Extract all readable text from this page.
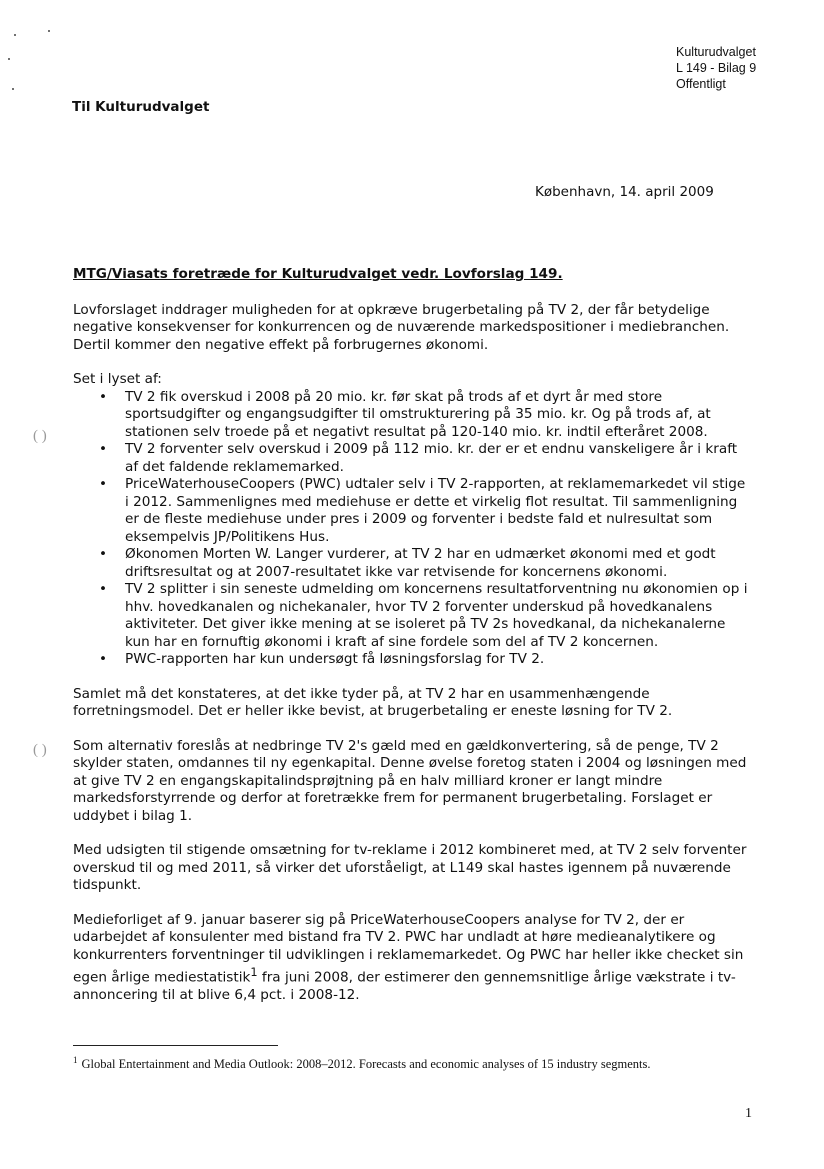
( )
( )
Kulturudvalget
L 149 - Bilag 9
Offentligt
Til Kulturudvalget
København, 14. april 2009

MTG/Viasats foretræde for Kulturudvalget vedr. Lovforslag 149.

Lovforslaget inddrager muligheden for at opkræve brugerbetaling på TV 2, der får betydelige negative konsekvenser for konkurrencen og de nuværende markedspositioner i mediebranchen. Dertil kommer den negative effekt på forbrugernes økonomi.

Set i lyset af:

• TV 2 fik overskud i 2008 på 20 mio. kr. før skat på trods af et dyrt år med store sportsudgifter og engangsudgifter til omstrukturering på 35 mio. kr. Og på trods af, at stationen selv troede på et negativt resultat på 120-140 mio. kr. indtil efteråret 2008.
• TV 2 forventer selv overskud i 2009 på 112 mio. kr. der er et endnu vanskeligere år i kraft af det faldende reklamemarked.
• PriceWaterhouseCoopers (PWC) udtaler selv i TV 2-rapporten, at reklamemarkedet vil stige i 2012. Sammenlignes med mediehuse er dette et virkelig flot resultat. Til sammenligning er de fleste mediehuse under pres i 2009 og forventer i bedste fald et nulresultat som eksempelvis JP/Politikens Hus.
• Økonomen Morten W. Langer vurderer, at TV 2 har en udmærket økonomi med et godt driftsresultat og at 2007-resultatet ikke var retvisende for koncernens økonomi.
• TV 2 splitter i sin seneste udmelding om koncernens resultatforventning nu økonomien op i hhv. hovedkanalen og nichekanaler, hvor TV 2 forventer underskud på hovedkanalens aktiviteter. Det giver ikke mening at se isoleret på TV 2s hovedkanal, da nichekanalerne kun har en fornuftig økonomi i kraft af sine fordele som del af TV 2 koncernen.
• PWC-rapporten har kun undersøgt få løsningsforslag for TV 2.

Samlet må det konstateres, at det ikke tyder på, at TV 2 har en usammenhængende forretningsmodel. Det er heller ikke bevist, at brugerbetaling er eneste løsning for TV 2.

Som alternativ foreslås at nedbringe TV 2's gæld med en gældkonvertering, så de penge, TV 2 skylder staten, omdannes til ny egenkapital. Denne øvelse foretog staten i 2004 og løsningen med at give TV 2 en engangskapitalindsprøjtning på en halv milliard kroner er langt mindre markedsforstyrrende og derfor at foretrække frem for permanent brugerbetaling. Forslaget er uddybet i bilag 1.

Med udsigten til stigende omsætning for tv-reklame i 2012 kombineret med, at TV 2 selv forventer overskud til og med 2011, så virker det uforståeligt, at L149 skal hastes igennem på nuværende tidspunkt.

Medieforliget af 9. januar baserer sig på PriceWaterhouseCoopers analyse for TV 2, der er udarbejdet af konsulenter med bistand fra TV 2. PWC har undladt at høre medieanalytikere og konkurrenters forventninger til udviklingen i reklamemarkedet. Og PWC har heller ikke checket sin egen årlige mediestatistik$^1$ fra juni 2008, der estimerer den gennemsnitlige årlige vækstrate i tv-annoncering til at blive 6,4 pct. i 2008-12.

$^1$ Global Entertainment and Media Outlook: 2008–2012. Forecasts and economic analyses of 15 industry segments.
1
